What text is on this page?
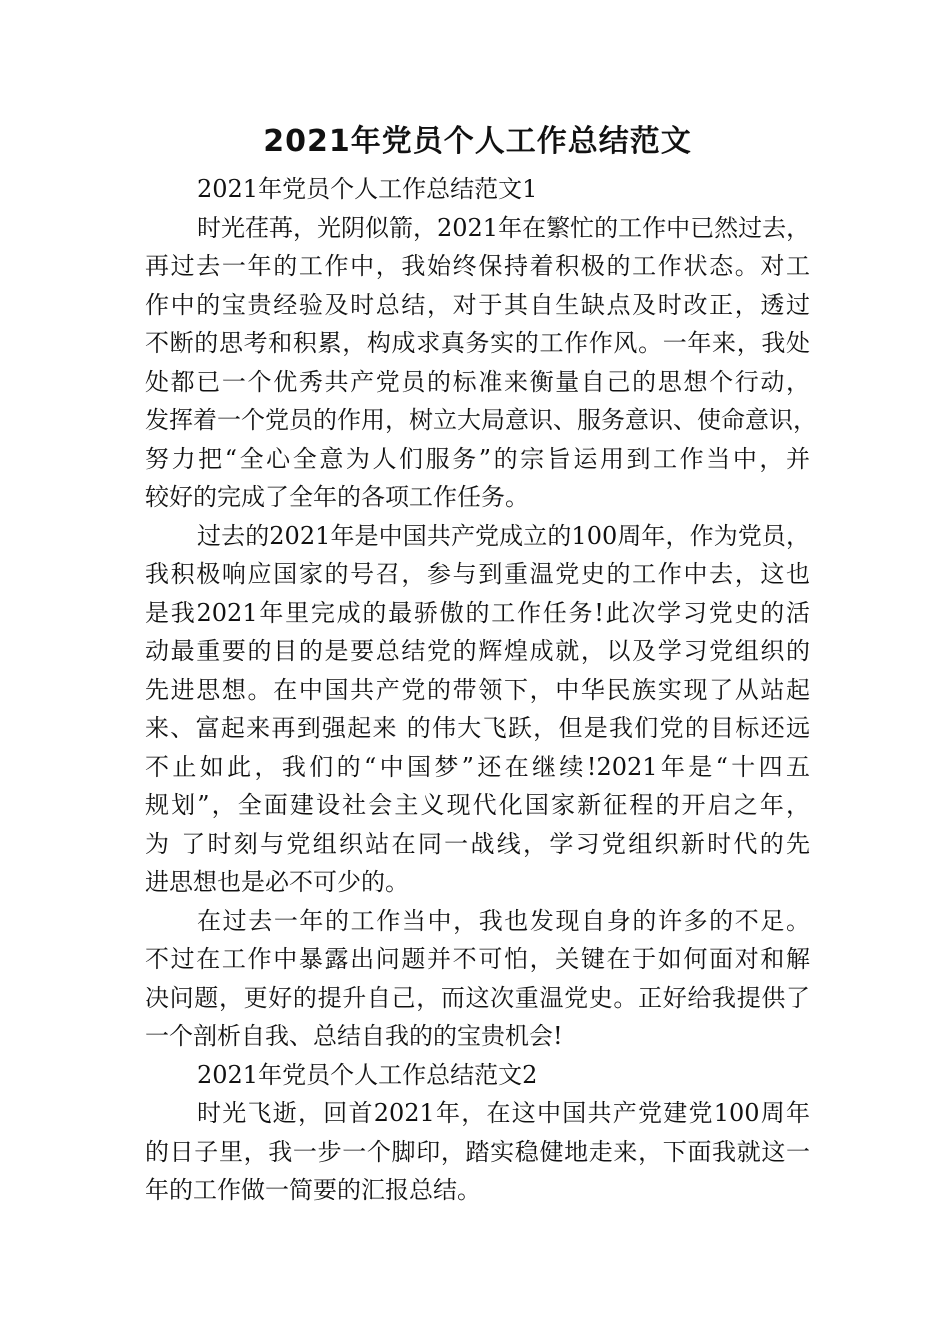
2021年党员个人工作总结范文

2021年党员个人工作总结范文1

时光荏苒，光阴似箭，2021年在繁忙的工作中已然过去，

再过去一年的工作中，我始终保持着积极的工作状态。对工

作中的宝贵经验及时总结，对于其自生缺点及时改正，透过

不断的思考和积累，构成求真务实的工作作风。一年来，我处

处都已一个优秀共产党员的标准来衡量自己的思想个行动，

发挥着一个党员的作用，树立大局意识、服务意识、使命意识，

努力把“全心全意为人们服务”的宗旨运用到工作当中，并

较好的完成了全年的各项工作任务。

过去的2021年是中国共产党成立的100周年，作为党员，

我积极响应国家的号召，参与到重温党史的工作中去，这也

是我2021年里完成的最骄傲的工作任务!此次学习党史的活

动最重要的目的是要总结党的辉煌成就，以及学习党组织的

先进思想。在中国共产党的带领下，中华民族实现了从站起

来、富起来再到强起来 的伟大飞跃，但是我们党的目标还远

不止如此，我们的“中国梦”还在继续!2021年是“十四五

规划”，全面建设社会主义现代化国家新征程的开启之年，

为 了时刻与党组织站在同一战线，学习党组织新时代的先

进思想也是必不可少的。

在过去一年的工作当中，我也发现自身的许多的不足。

不过在工作中暴露出问题并不可怕，关键在于如何面对和解

决问题，更好的提升自己，而这次重温党史。正好给我提供了

一个剖析自我、总结自我的的宝贵机会!

2021年党员个人工作总结范文2

时光飞逝，回首2021年，在这中国共产党建党100周年

的日子里，我一步一个脚印，踏实稳健地走来，下面我就这一

年的工作做一简要的汇报总结。
